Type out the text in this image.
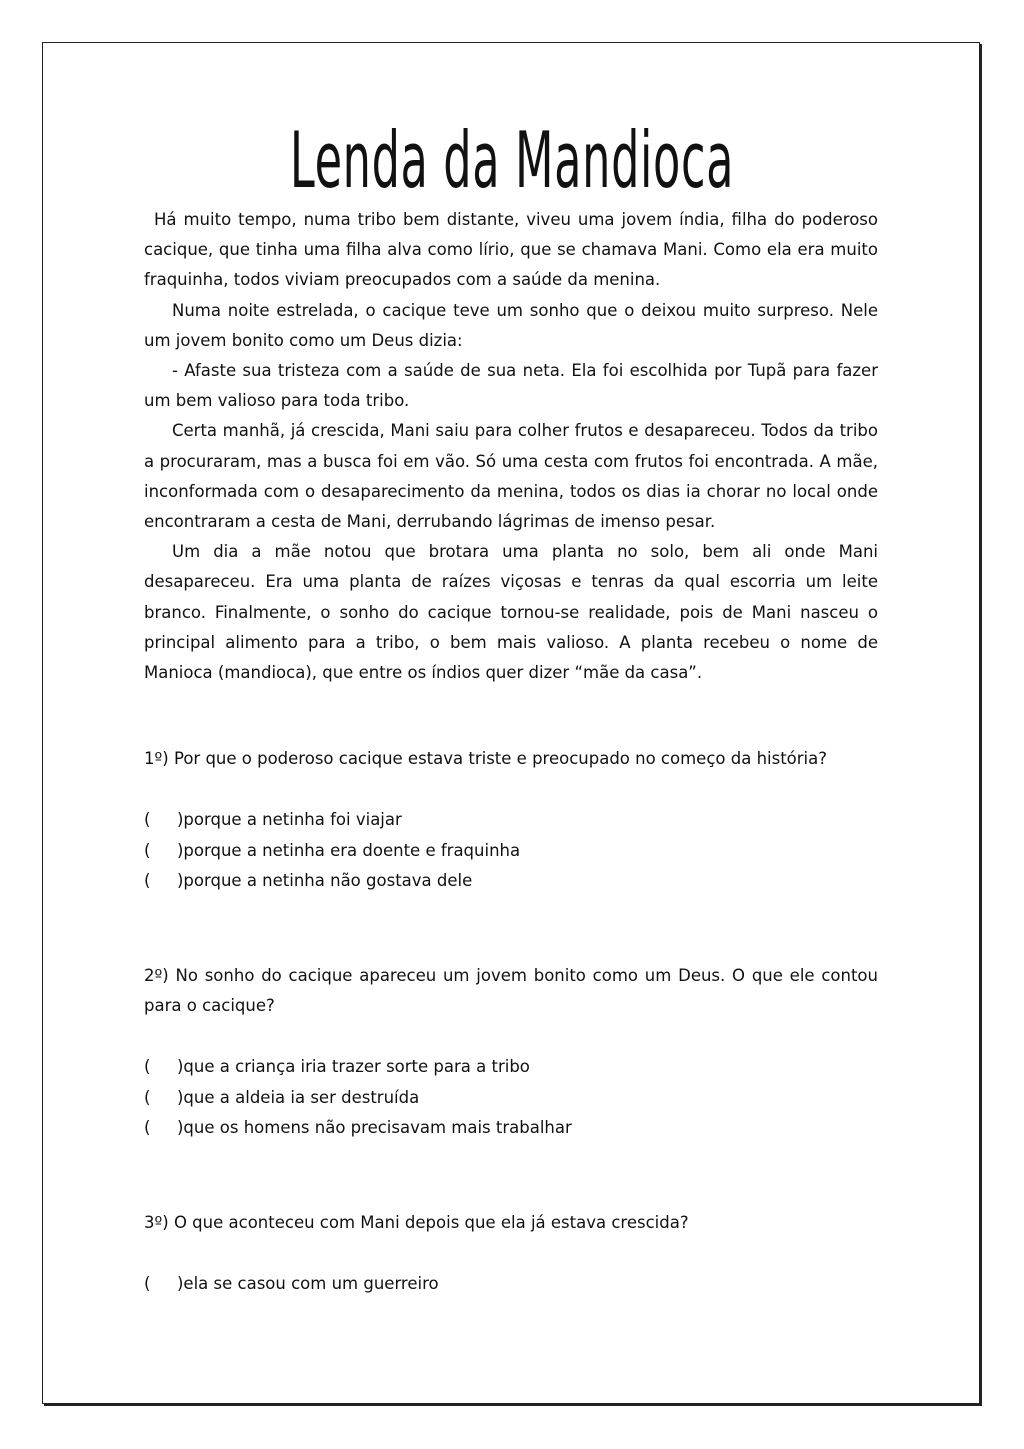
Lenda da Mandioca

Há muito tempo, numa tribo bem distante, viveu uma jovem índia, filha do poderoso cacique, que tinha uma filha alva como lírio, que se chamava Mani. Como ela era muito fraquinha, todos viviam preocupados com a saúde da menina.

Numa noite estrelada, o cacique teve um sonho que o deixou muito surpreso. Nele um jovem bonito como um Deus dizia:

- Afaste sua tristeza com a saúde de sua neta. Ela foi escolhida por Tupã para fazer um bem valioso para toda tribo.

Certa manhã, já crescida, Mani saiu para colher frutos e desapareceu. Todos da tribo a procuraram, mas a busca foi em vão. Só uma cesta com frutos foi encontrada. A mãe, inconformada com o desaparecimento da menina, todos os dias ia chorar no local onde encontraram a cesta de Mani, derrubando lágrimas de imenso pesar.

Um dia a mãe notou que brotara uma planta no solo, bem ali onde Mani desapareceu. Era uma planta de raízes viçosas e tenras da qual escorria um leite branco. Finalmente, o sonho do cacique tornou-se realidade, pois de Mani nasceu o principal alimento para a tribo, o bem mais valioso. A planta recebeu o nome de Manioca (mandioca), que entre os índios quer dizer “mãe da casa”.

1º) Por que o poderoso cacique estava triste e preocupado no começo da história?

(	)porque a netinha foi viajar
(	)porque a netinha era doente e fraquinha
(	)porque a netinha não gostava dele

2º) No sonho do cacique apareceu um jovem bonito como um Deus. O que ele contou para o cacique?

(	)que a criança iria trazer sorte para a tribo
(	)que a aldeia ia ser destruída
(	)que os homens não precisavam mais trabalhar

3º) O que aconteceu com Mani depois que ela já estava crescida?

(	)ela se casou com um guerreiro
